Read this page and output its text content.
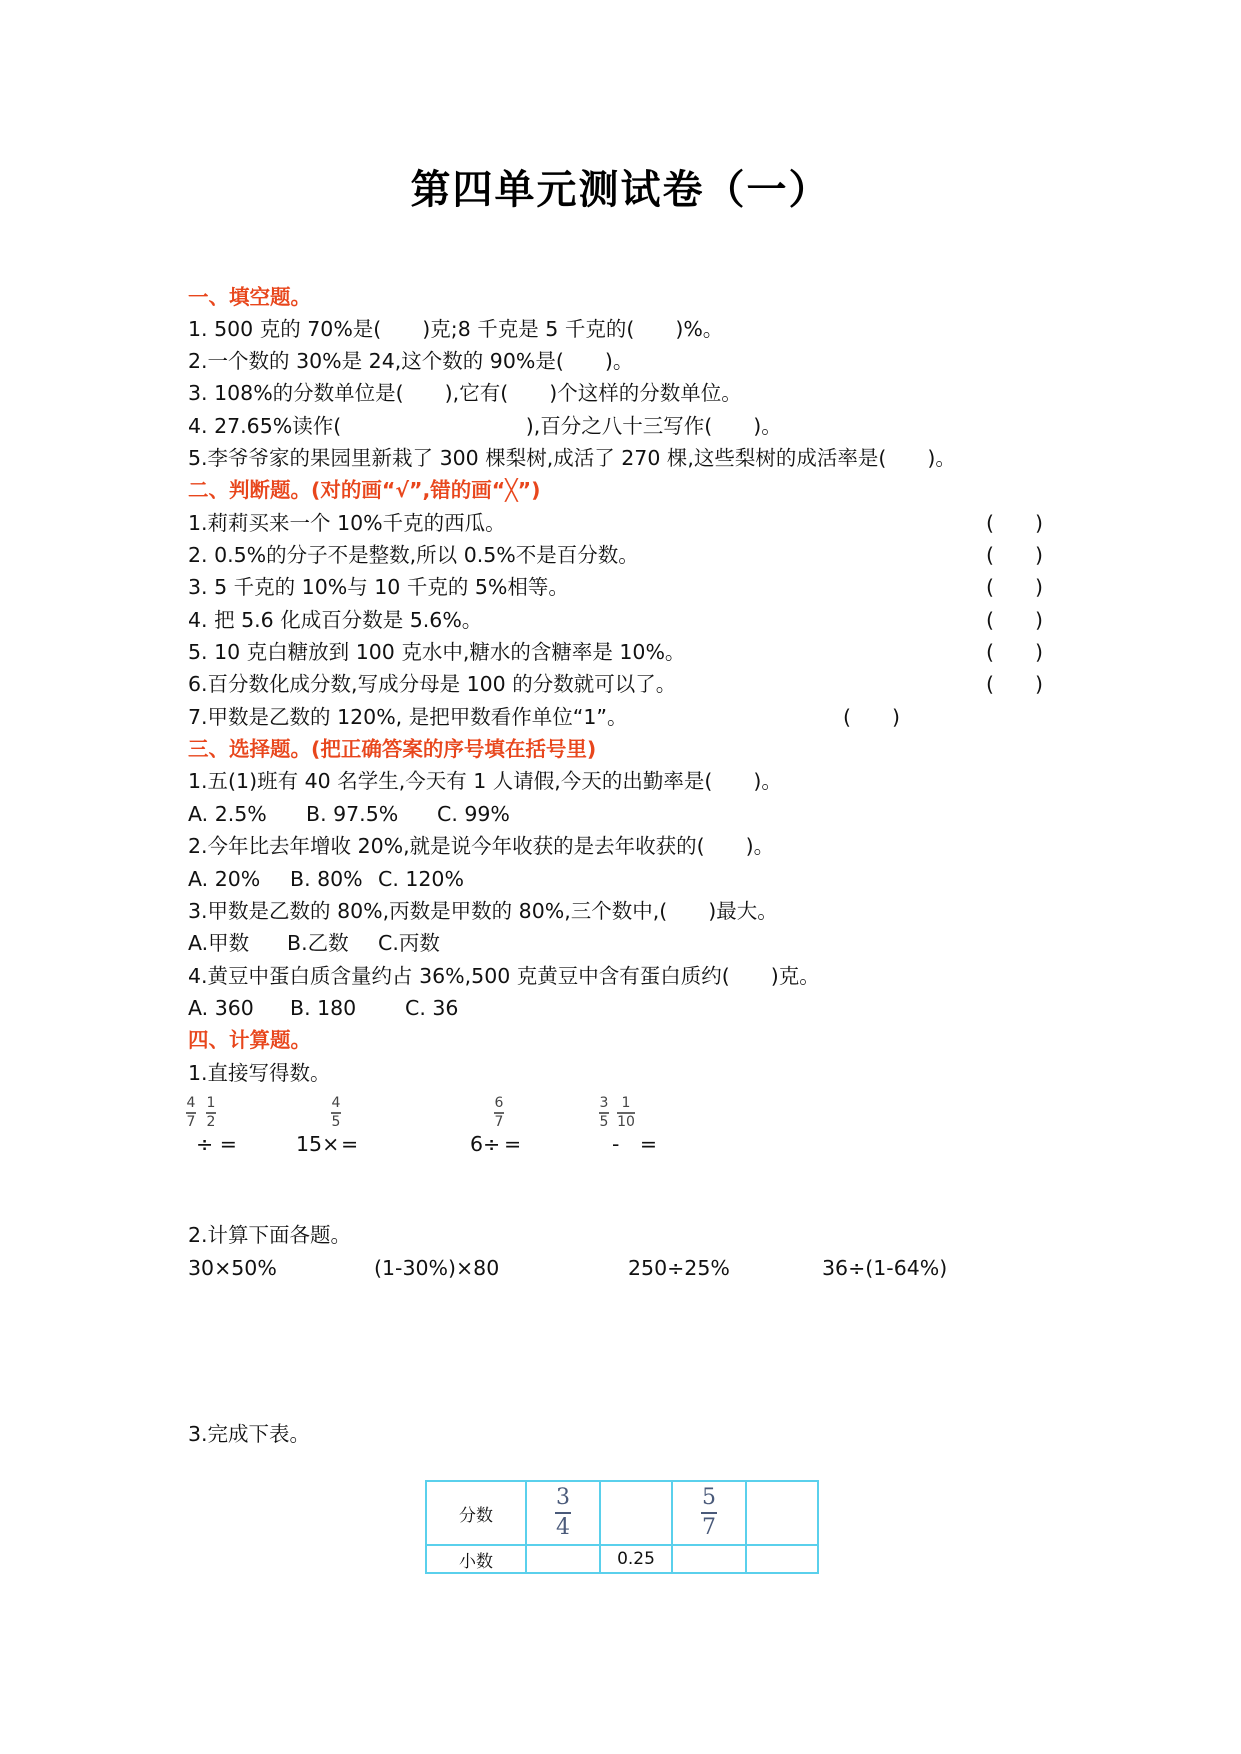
第四单元测试卷（一）
一、填空题。
1. 500 克的 70%是(　　)克;8 千克是 5 千克的(　　)%。
2.一个数的 30%是 24,这个数的 90%是(　　)。
3. 108%的分数单位是(　　),它有(　　)个这样的分数单位。
4. 27.65%读作(　　　　　　　　　),百分之八十三写作(　　)。
5.李爷爷家的果园里新栽了 300 棵梨树,成活了 270 棵,这些梨树的成活率是(　　)。
二、判断题。(对的画“√”,错的画“╳”)
1.莉莉买来一个 10%千克的西瓜。	(　　)
2. 0.5%的分子不是整数,所以 0.5%不是百分数。	(　　)
3. 5 千克的 10%与 10 千克的 5%相等。	(　　)
4. 把 5.6 化成百分数是 5.6%。	(　　)
5. 10 克白糖放到 100 克水中,糖水的含糖率是 10%。	(　　)
6.百分数化成分数,写成分母是 100 的分数就可以了。	(　　)
7.甲数是乙数的 120%, 是把甲数看作单位“1”。	(　　)
三、选择题。(把正确答案的序号填在括号里)
1.五(1)班有 40 名学生,今天有 1 人请假,今天的出勤率是(　　)。
A. 2.5% B. 97.5% C. 99%
2.今年比去年增收 20%,就是说今年收获的是去年收获的(　　)。
A. 20% B. 80% C. 120%
3.甲数是乙数的 80%,丙数是甲数的 80%,三个数中,(　　)最大。
A.甲数 B.乙数 C.丙数
4.黄豆中蛋白质含量约占 36%,500 克黄豆中含有蛋白质约(　　)克。
A. 360 B. 180 C. 36
四、计算题。
1.直接写得数。
4
7
1
2
÷ =
4
5
15× =
6
7
6÷ =
3
5
1
10
-　=
2.计算下面各题。
30×50%	(1-30%)×80	250÷25%	36÷(1-64%)
3.完成下表。
分数	$\frac{3}{4}$		$\frac{5}{7}$

小数		0.25		
